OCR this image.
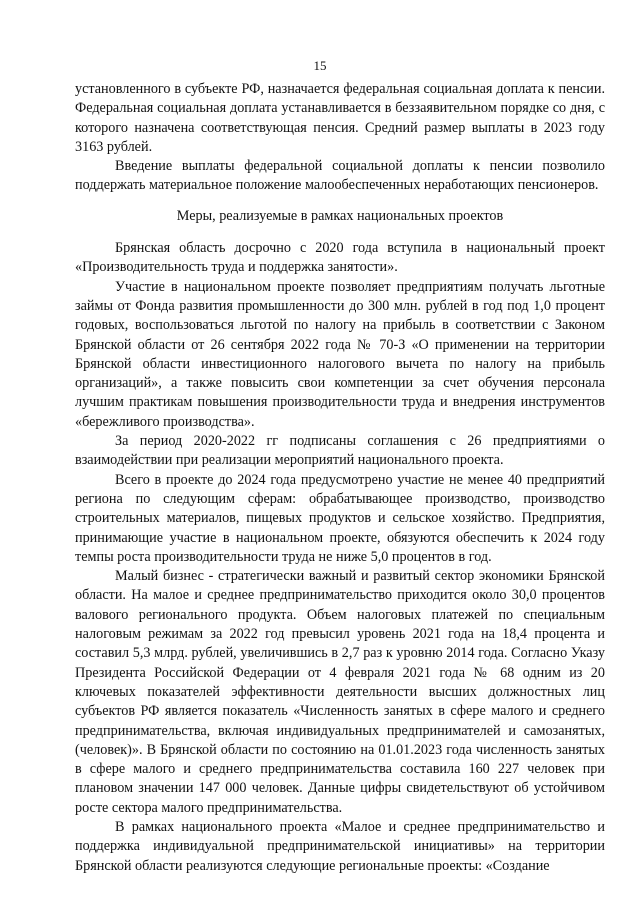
15

установленного в субъекте РФ, назначается федеральная социальная доплата к пенсии. Федеральная социальная доплата устанавливается в беззаявительном порядке со дня, с которого назначена соответствующая пенсия. Средний размер выплаты в 2023 году 3163 рублей.

Введение выплаты федеральной социальной доплаты к пенсии позволило поддержать материальное положение малообеспеченных неработающих пенсионеров.

Меры, реализуемые в рамках национальных проектов

Брянская область досрочно с 2020 года вступила в национальный проект «Производительность труда и поддержка занятости».

Участие в национальном проекте позволяет предприятиям получать льготные займы от Фонда развития промышленности до 300 млн. рублей в год под 1,0 процент годовых, воспользоваться льготой по налогу на прибыль в соответствии с Законом Брянской области от 26 сентября 2022 года № 70-З «О применении на территории Брянской области инвестиционного налогового вычета по налогу на прибыль организаций», а также повысить свои компетенции за счет обучения персонала лучшим практикам повышения производительности труда и внедрения инструментов «бережливого производства».

За период 2020-2022 гг подписаны соглашения с 26 предприятиями о взаимодействии при реализации мероприятий национального проекта.

Всего в проекте до 2024 года предусмотрено участие не менее 40 предприятий региона по следующим сферам: обрабатывающее производство, производство строительных материалов, пищевых продуктов и сельское хозяйство. Предприятия, принимающие участие в национальном проекте, обязуются обеспечить к 2024 году темпы роста производительности труда не ниже 5,0 процентов в год.

Малый бизнес - стратегически важный и развитый сектор экономики Брянской области. На малое и среднее предпринимательство приходится около 30,0 процентов валового регионального продукта. Объем налоговых платежей по специальным налоговым режимам за 2022 год превысил уровень 2021 года на 18,4 процента и составил 5,3 млрд. рублей, увеличившись в 2,7 раз к уровню 2014 года. Согласно Указу Президента Российской Федерации от 4 февраля 2021 года № 68 одним из 20 ключевых показателей эффективности деятельности высших должностных лиц субъектов РФ является показатель «Численность занятых в сфере малого и среднего предпринимательства, включая индивидуальных предпринимателей и самозанятых, (человек)». В Брянской области по состоянию на 01.01.2023 года численность занятых в сфере малого и среднего предпринимательства составила 160 227 человек при плановом значении 147 000 человек. Данные цифры свидетельствуют об устойчивом росте сектора малого предпринимательства.

В рамках национального проекта «Малое и среднее предпринимательство и поддержка индивидуальной предпринимательской инициативы» на территории Брянской области реализуются следующие региональные проекты: «Создание
